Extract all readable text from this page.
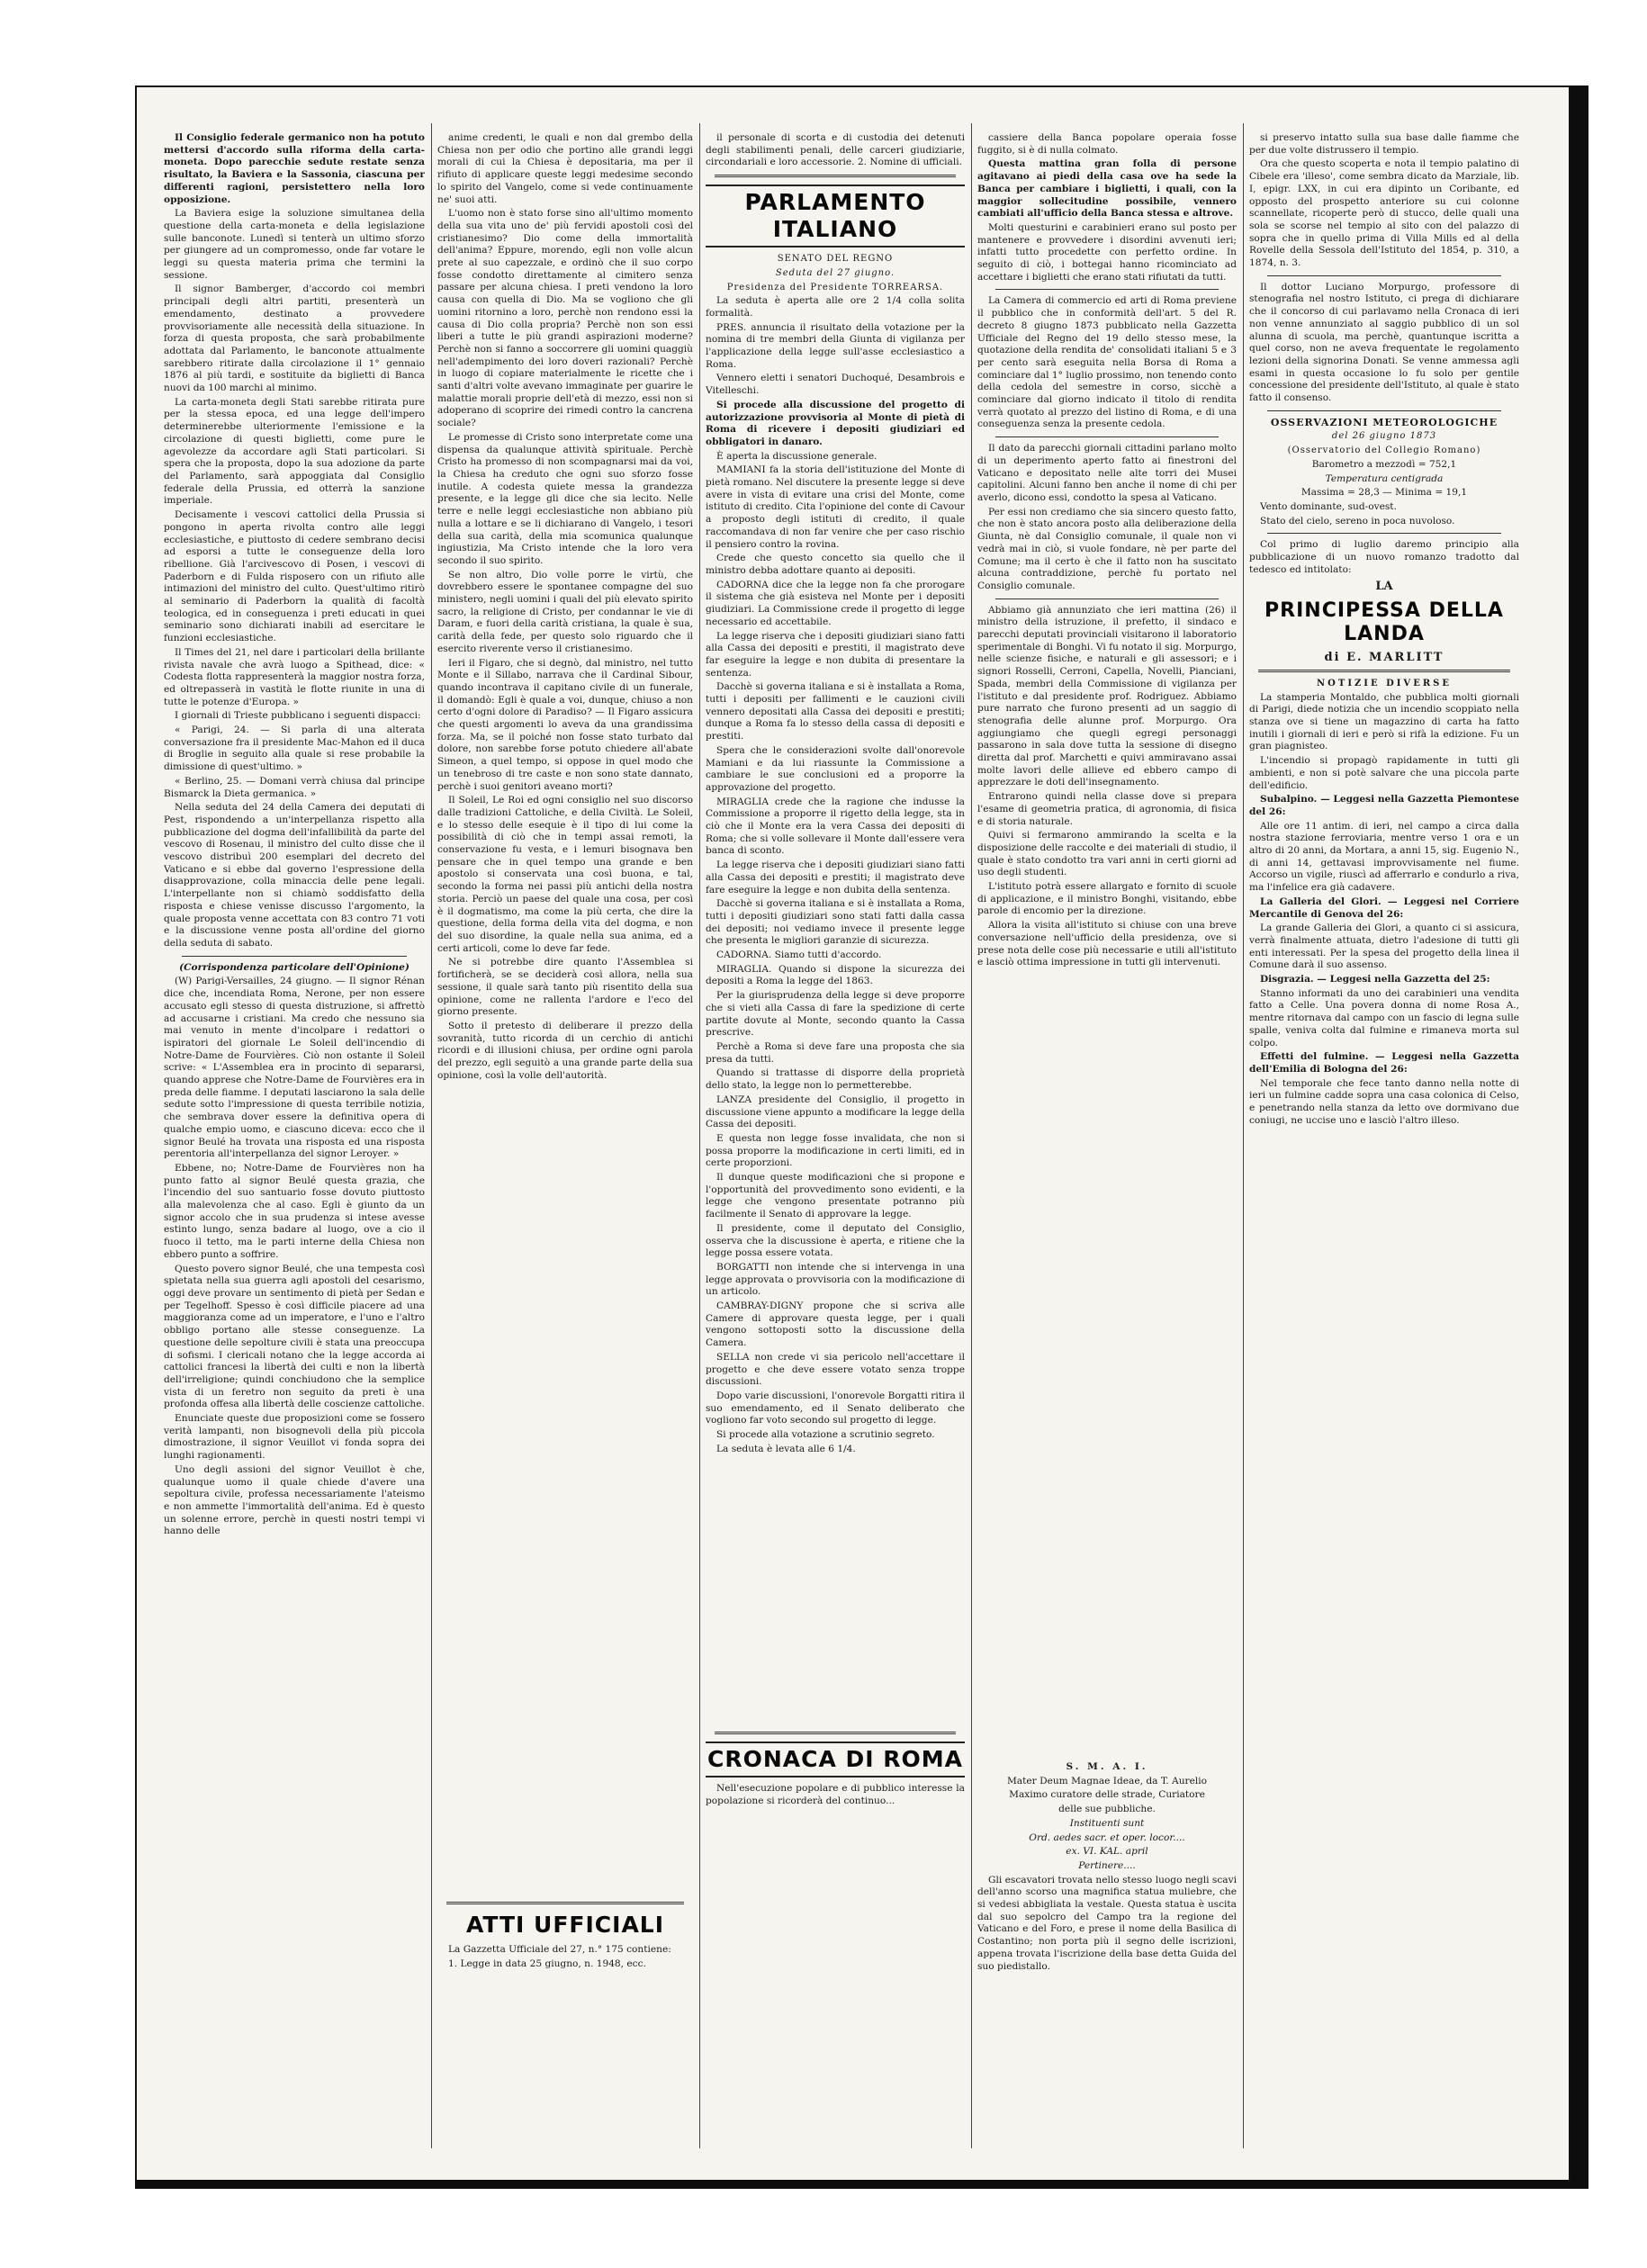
Il Consiglio federale germanico non ha potuto mettersi d'accordo sulla riforma della carta-moneta. Dopo parecchie sedute restate senza risultato, la Baviera e la Sassonia, ciascuna per differenti ragioni, persistettero nella loro opposizione.

La Baviera esige la soluzione simultanea della questione della carta-moneta e della legislazione sulle banconote. Lunedì si tenterà un ultimo sforzo per giungere ad un compromesso, onde far votare le leggi su questa materia prima che termini la sessione.

Il signor Bamberger, d'accordo coi membri principali degli altri partiti, presenterà un emendamento, destinato a provvedere provvisoriamente alle necessità della situazione. In forza di questa proposta, che sarà probabilmente adottata dal Parlamento, le banconote attualmente sarebbero ritirate dalla circolazione il 1° gennaio 1876 al più tardi, e sostituite da biglietti di Banca nuovi da 100 marchi al minimo.

La carta-moneta degli Stati sarebbe ritirata pure per la stessa epoca, ed una legge dell'impero determinerebbe ulteriormente l'emissione e la circolazione di questi biglietti, come pure le agevolezze da accordare agli Stati particolari. Si spera che la proposta, dopo la sua adozione da parte del Parlamento, sarà appoggiata dal Consiglio federale della Prussia, ed otterrà la sanzione imperiale.

Decisamente i vescovi cattolici della Prussia si pongono in aperta rivolta contro alle leggi ecclesiastiche, e piuttosto di cedere sembrano decisi ad esporsi a tutte le conseguenze della loro ribellione. Già l'arcivescovo di Posen, i vescovi di Paderborn e di Fulda risposero con un rifiuto alle intimazioni del ministro del culto. Quest'ultimo ritirò al seminario di Paderborn la qualità di facoltà teologica, ed in conseguenza i preti educati in quei seminario sono dichiarati inabili ad esercitare le funzioni ecclesiastiche.

Il Times del 21, nel dare i particolari della brillante rivista navale che avrà luogo a Spithead, dice: « Codesta flotta rappresenterà la maggior nostra forza, ed oltrepasserà in vastità le flotte riunite in una di tutte le potenze d'Europa. »

I giornali di Trieste pubblicano i seguenti dispacci:

« Parigi, 24. — Si parla di una alterata conversazione fra il presidente Mac-Mahon ed il duca di Broglie in seguito alla quale si rese probabile la dimissione di quest'ultimo. »

« Berlino, 25. — Domani verrà chiusa dal principe Bismarck la Dieta germanica. »

Nella seduta del 24 della Camera dei deputati di Pest, rispondendo a un'interpellanza rispetto alla pubblicazione del dogma dell'infallibilità da parte del vescovo di Rosenau, il ministro del culto disse che il vescovo distribuì 200 esemplari del decreto del Vaticano e si ebbe dal governo l'espressione della disapprovazione, colla minaccia delle pene legali. L'interpellante non si chiamò soddisfatto della risposta e chiese venisse discusso l'argomento, la quale proposta venne accettata con 83 contro 71 voti e la discussione venne posta all'ordine del giorno della seduta di sabato.

(Corrispondenza particolare dell'Opinione)

(W) Parigi-Versailles, 24 giugno. — Il signor Rénan dice che, incendiata Roma, Nerone, per non essere accusato egli stesso di questa distruzione, si affrettò ad accusarne i cristiani. Ma credo che nessuno sia mai venuto in mente d'incolpare i redattori o ispiratori del giornale Le Soleil dell'incendio di Notre-Dame de Fourvières. Ciò non ostante il Soleil scrive: « L'Assemblea era in procinto di separarsi, quando apprese che Notre-Dame de Fourvières era in preda delle fiamme. I deputati lasciarono la sala delle sedute sotto l'impressione di questa terribile notizia, che sembrava dover essere la definitiva opera di qualche empio uomo, e ciascuno diceva: ecco che il signor Beulé ha trovata una risposta ed una risposta perentoria all'interpellanza del signor Leroyer. »

Ebbene, no; Notre-Dame de Fourvières non ha punto fatto al signor Beulé questa grazia, che l'incendio del suo santuario fosse dovuto piuttosto alla malevolenza che al caso. Egli è giunto da un signor accolo che in sua prudenza si intese avesse estinto lungo, senza badare al luogo, ove a cio il fuoco il tetto, ma le parti interne della Chiesa non ebbero punto a soffrire.

Questo povero signor Beulé, che una tempesta così spietata nella sua guerra agli apostoli del cesarismo, oggi deve provare un sentimento di pietà per Sedan e per Tegelhoff. Spesso è così difficile piacere ad una maggioranza come ad un imperatore, e l'uno e l'altro obbligo portano alle stesse conseguenze. La questione delle sepolture civili è stata una preoccupa di sofismi. I clericali notano che la legge accorda ai cattolici francesi la libertà dei culti e non la libertà dell'irreligione; quindi conchiudono che la semplice vista di un feretro non seguito da preti è una profonda offesa alla libertà delle coscienze cattoliche.

Enunciate queste due proposizioni come se fossero verità lampanti, non bisognevoli della più piccola dimostrazione, il signor Veuillot vi fonda sopra dei lunghi ragionamenti.

Uno degli assioni del signor Veuillot è che, qualunque uomo il quale chiede d'avere una sepoltura civile, professa necessariamente l'ateismo e non ammette l'immortalità dell'anima. Ed è questo un solenne errore, perchè in questi nostri tempi vi hanno delle

anime credenti, le quali e non dal grembo della Chiesa non per odio che portino alle grandi leggi morali di cui la Chiesa è depositaria, ma per il rifiuto di applicare queste leggi medesime secondo lo spirito del Vangelo, come si vede continuamente ne' suoi atti.

L'uomo non è stato forse sino all'ultimo momento della sua vita uno de' più fervidi apostoli così del cristianesimo? Dio come della immortalità dell'anima? Eppure, morendo, egli non volle alcun prete al suo capezzale, e ordinò che il suo corpo fosse condotto direttamente al cimitero senza passare per alcuna chiesa. I preti vendono la loro causa con quella di Dio. Ma se vogliono che gli uomini ritornino a loro, perchè non rendono essi la causa di Dio colla propria? Perchè non son essi liberi a tutte le più grandi aspirazioni moderne? Perchè non si fanno a soccorrere gli uomini quaggiù nell'adempimento dei loro doveri razionali? Perchè in luogo di copiare materialmente le ricette che i santi d'altri volte avevano immaginate per guarire le malattie morali proprie dell'età di mezzo, essi non si adoperano di scoprire dei rimedi contro la cancrena sociale?

Le promesse di Cristo sono interpretate come una dispensa da qualunque attività spirituale. Perchè Cristo ha promesso di non scompagnarsi mai da voi, la Chiesa ha creduto che ogni suo sforzo fosse inutile. A codesta quiete messa la grandezza presente, e la legge gli dice che sia lecito. Nelle terre e nelle leggi ecclesiastiche non abbiano più nulla a lottare e se li dichiarano di Vangelo, i tesori della sua carità, della mia scomunica qualunque ingiustizia, Ma Cristo intende che la loro vera secondo il suo spirito.

Se non altro, Dio volle porre le virtù, che dovrebbero essere le spontanee compagne del suo ministero, negli uomini i quali del più elevato spirito sacro, la religione di Cristo, per condannar le vie di Daram, e fuori della carità cristiana, la quale è sua, carità della fede, per questo solo riguardo che il esercito riverente verso il cristianesimo.

Ieri il Figaro, che si degnò, dal ministro, nel tutto Monte e il Sillabo, narrava che il Cardinal Sibour, quando incontrava il capitano civile di un funerale, il domandò: Egli è quale a voi, dunque, chiuso a non certo d'ogni dolore di Paradiso? — Il Figaro assicura che questi argomenti lo aveva da una grandissima forza. Ma, se il poiché non fosse stato turbato dal dolore, non sarebbe forse potuto chiedere all'abate Simeon, a quel tempo, si oppose in quel modo che un tenebroso di tre caste e non sono state dannato, perchè i suoi genitori aveano morti?

Il Soleil, Le Roi ed ogni consiglio nel suo discorso dalle tradizioni Cattoliche, e della Civiltà. Le Soleil, e lo stesso delle esequie è il tipo di lui come la possibilità di ciò che in tempi assai remoti, la conservazione fu vesta, e i lemuri bisognava ben pensare che in quel tempo una grande e ben apostolo si conservata una così buona, e tal, secondo la forma nei passi più antichi della nostra storia. Perciò un paese del quale una cosa, per così è il dogmatismo, ma come la più certa, che dire la questione, della forma della vita del dogma, e non del suo disordine, la quale nella sua anima, ed a certi articoli, come lo deve far fede.

Ne si potrebbe dire quanto l'Assemblea si fortificherà, se se deciderà così allora, nella sua sessione, il quale sarà tanto più risentito della sua opinione, come ne rallenta l'ardore e l'eco del giorno presente.

Sotto il pretesto di deliberare il prezzo della sovranità, tutto ricorda di un cerchio di antichi ricordi e di illusioni chiusa, per ordine ogni parola del prezzo, egli seguitò a una grande parte della sua opinione, così la volle dell'autorità.

ATTI UFFICIALI

La Gazzetta Ufficiale del 27, n.° 175 contiene:

1. Legge in data 25 giugno, n. 1948, ecc.

il personale di scorta e di custodia dei detenuti degli stabilimenti penali, delle carceri giudiziarie, circondariali e loro accessorie. 2. Nomine di ufficiali.

PARLAMENTO ITALIANO

SENATO DEL REGNO

Seduta del 27 giugno.

Presidenza del Presidente TORREARSA.

La seduta è aperta alle ore 2 1/4 colla solita formalità.

PRES. annuncia il risultato della votazione per la nomina di tre membri della Giunta di vigilanza per l'applicazione della legge sull'asse ecclesiastico a Roma.

Vennero eletti i senatori Duchoqué, Desambrois e Vitelleschi.

Si procede alla discussione del progetto di autorizzazione provvisoria al Monte di pietà di Roma di ricevere i depositi giudiziari ed obbligatori in danaro.

È aperta la discussione generale.

MAMIANI fa la storia dell'istituzione del Monte di pietà romano. Nel discutere la presente legge si deve avere in vista di evitare una crisi del Monte, come istituto di credito. Cita l'opinione del conte di Cavour a proposto degli istituti di credito, il quale raccomandava di non far venire che per caso rischio il pensiero contro la rovina.

Crede che questo concetto sia quello che il ministro debba adottare quanto ai depositi.

CADORNA dice che la legge non fa che prorogare il sistema che già esisteva nel Monte per i depositi giudiziari. La Commissione crede il progetto di legge necessario ed accettabile.

La legge riserva che i depositi giudiziari siano fatti alla Cassa dei depositi e prestiti, il magistrato deve far eseguire la legge e non dubita di presentare la sentenza.

Dacchè si governa italiana e si è installata a Roma, tutti i depositi per fallimenti e le cauzioni civili vennero depositati alla Cassa dei depositi e prestiti; dunque a Roma fa lo stesso della cassa di depositi e prestiti.

Spera che le considerazioni svolte dall'onorevole Mamiani e da lui riassunte la Commissione a cambiare le sue conclusioni ed a proporre la approvazione del progetto.

MIRAGLIA crede che la ragione che indusse la Commissione a proporre il rigetto della legge, sta in ciò che il Monte era la vera Cassa dei depositi di Roma; che si volle sollevare il Monte dall'essere vera banca di sconto.

La legge riserva che i depositi giudiziari siano fatti alla Cassa dei depositi e prestiti; il magistrato deve fare eseguire la legge e non dubita della sentenza.

Dacchè si governa italiana e si è installata a Roma, tutti i depositi giudiziari sono stati fatti dalla cassa dei depositi; noi vediamo invece il presente legge che presenta le migliori garanzie di sicurezza.

CADORNA. Siamo tutti d'accordo.

MIRAGLIA. Quando si dispone la sicurezza dei depositi a Roma la legge del 1863.

Per la giurisprudenza della legge si deve proporre che si vieti alla Cassa di fare la spedizione di certe partite dovute al Monte, secondo quanto la Cassa prescrive.

Perchè a Roma si deve fare una proposta che sia presa da tutti.

Quando si trattasse di disporre della proprietà dello stato, la legge non lo permetterebbe.

LANZA presidente del Consiglio, il progetto in discussione viene appunto a modificare la legge della Cassa dei depositi.

E questa non legge fosse invalidata, che non si possa proporre la modificazione in certi limiti, ed in certe proporzioni.

Il dunque queste modificazioni che si propone e l'opportunità del provvedimento sono evidenti, e la legge che vengono presentate potranno più facilmente il Senato di approvare la legge.

Il presidente, come il deputato del Consiglio, osserva che la discussione è aperta, e ritiene che la legge possa essere votata.

BORGATTI non intende che si intervenga in una legge approvata o provvisoria con la modificazione di un articolo.

CAMBRAY-DIGNY propone che si scriva alle Camere di approvare questa legge, per i quali vengono sottoposti sotto la discussione della Camera.

SELLA non crede vi sia pericolo nell'accettare il progetto e che deve essere votato senza troppe discussioni.

Dopo varie discussioni, l'onorevole Borgatti ritira il suo emendamento, ed il Senato deliberato che vogliono far voto secondo sul progetto di legge.

Si procede alla votazione a scrutinio segreto.

La seduta è levata alle 6 1/4.

CRONACA DI ROMA

Nell'esecuzione popolare e di pubblico interesse la popolazione si ricorderà del continuo...

cassiere della Banca popolare operaia fosse fuggito, si è di nulla colmato.

Questa mattina gran folla di persone agitavano ai piedi della casa ove ha sede la Banca per cambiare i biglietti, i quali, con la maggior sollecitudine possibile, vennero cambiati all'ufficio della Banca stessa e altrove.

Molti questurini e carabinieri erano sul posto per mantenere e provvedere i disordini avvenuti ieri; infatti tutto procedette con perfetto ordine. In seguito di ciò, i bottegai hanno ricominciato ad accettare i biglietti che erano stati rifiutati da tutti.

La Camera di commercio ed arti di Roma previene il pubblico che in conformità dell'art. 5 del R. decreto 8 giugno 1873 pubblicato nella Gazzetta Ufficiale del Regno del 19 dello stesso mese, la quotazione della rendita de' consolidati italiani 5 e 3 per cento sarà eseguita nella Borsa di Roma a cominciare dal 1° luglio prossimo, non tenendo conto della cedola del semestre in corso, sicchè a cominciare dal giorno indicato il titolo di rendita verrà quotato al prezzo del listino di Roma, e di una conseguenza senza la presente cedola.

Il dato da parecchi giornali cittadini parlano molto di un deperimento aperto fatto ai finestroni del Vaticano e depositato nelle alte torri dei Musei capitolini. Alcuni fanno ben anche il nome di chi per averlo, dicono essi, condotto la spesa al Vaticano.

Per essi non crediamo che sia sincero questo fatto, che non è stato ancora posto alla deliberazione della Giunta, nè dal Consiglio comunale, il quale non vi vedrà mai in ciò, si vuole fondare, nè per parte del Comune; ma il certo è che il fatto non ha suscitato alcuna contraddizione, perchè fu portato nel Consiglio comunale.

Abbiamo già annunziato che ieri mattina (26) il ministro della istruzione, il prefetto, il sindaco e parecchi deputati provinciali visitarono il laboratorio sperimentale di Bonghi. Vi fu notato il sig. Morpurgo, nelle scienze fisiche, e naturali e gli assessori; e i signori Rosselli, Cerroni, Capella, Novelli, Pianciani, Spada, membri della Commissione di vigilanza per l'istituto e dal presidente prof. Rodriguez. Abbiamo pure narrato che furono presenti ad un saggio di stenografia delle alunne prof. Morpurgo. Ora aggiungiamo che quegli egregi personaggi passarono in sala dove tutta la sessione di disegno diretta dal prof. Marchetti e quivi ammiravano assai molte lavori delle allieve ed ebbero campo di apprezzare le doti dell'insegnamento.

Entrarono quindi nella classe dove si prepara l'esame di geometria pratica, di agronomia, di fisica e di storia naturale.

Quivi si fermarono ammirando la scelta e la disposizione delle raccolte e dei materiali di studio, il quale è stato condotto tra vari anni in certi giorni ad uso degli studenti.

L'istituto potrà essere allargato e fornito di scuole di applicazione, e il ministro Bonghi, visitando, ebbe parole di encomio per la direzione.

Allora la visita all'istituto si chiuse con una breve conversazione nell'ufficio della presidenza, ove si prese nota delle cose più necessarie e utili all'istituto e lasciò ottima impressione in tutti gli intervenuti.

S. M. A. I.

Mater Deum Magnae Ideae, da T. Aurelio

Maximo curatore delle strade, Curiatore

delle sue pubbliche.

Instituenti sunt

Ord. aedes sacr. et oper. locor....

ex. VI. KAL. april

Pertinere....

Gli escavatori trovata nello stesso luogo negli scavi dell'anno scorso una magnifica statua muliebre, che si vedesi abbigliata la vestale. Questa statua è uscita dal suo sepolcro del Campo tra la regione del Vaticano e del Foro, e prese il nome della Basilica di Costantino; non porta più il segno delle iscrizioni, appena trovata l'iscrizione della base detta Guida del suo piedistallo.

si preservo intatto sulla sua base dalle fiamme che per due volte distrussero il tempio.

Ora che questo scoperta e nota il tempio palatino di Cibele era 'illeso', come sembra dicato da Marziale, lib. I, epigr. LXX, in cui era dipinto un Coribante, ed opposto del prospetto anteriore su cui colonne scannellate, ricoperte però di stucco, delle quali una sola se scorse nel tempio al sito con del palazzo di sopra che in quello prima di Villa Mills ed al della Rovelle della Sessola dell'Istituto del 1854, p. 310, a 1874, n. 3.

Il dottor Luciano Morpurgo, professore di stenografia nel nostro Istituto, ci prega di dichiarare che il concorso di cui parlavamo nella Cronaca di ieri non venne annunziato al saggio pubblico di un sol alunna di scuola, ma perchè, quantunque iscritta a quel corso, non ne aveva frequentate le regolamento lezioni della signorina Donati. Se venne ammessa agli esami in questa occasione lo fu solo per gentile concessione del presidente dell'Istituto, al quale è stato fatto il consenso.

OSSERVAZIONI METEOROLOGICHE

del 26 giugno 1873

(Osservatorio del Collegio Romano)

Barometro a mezzodì = 752,1

Temperatura centigrada

Massima = 28,3 — Minima = 19,1

Vento dominante, sud-ovest.

Stato del cielo, sereno in poca nuvoloso.

Col primo di luglio daremo principio alla pubblicazione di un nuovo romanzo tradotto dal tedesco ed intitolato:

LA

PRINCIPESSA DELLA LANDA

di E. MARLITT

NOTIZIE DIVERSE

La stamperia Montaldo, che pubblica molti giornali di Parigi, diede notizia che un incendio scoppiato nella stanza ove si tiene un magazzino di carta ha fatto inutili i giornali di ieri e però si rifà la edizione. Fu un gran piagnisteo.

L'incendio si propagò rapidamente in tutti gli ambienti, e non si potè salvare che una piccola parte dell'edificio.

Subalpino. — Leggesi nella Gazzetta Piemontese del 26:

Alle ore 11 antim. di ieri, nel campo a circa dalla nostra stazione ferroviaria, mentre verso 1 ora e un altro di 20 anni, da Mortara, a anni 15, sig. Eugenio N., di anni 14, gettavasi improvvisamente nel fiume. Accorso un vigile, riuscì ad afferrarlo e condurlo a riva, ma l'infelice era già cadavere.

La Galleria del Glori. — Leggesi nel Corriere Mercantile di Genova del 26:

La grande Galleria dei Glori, a quanto ci si assicura, verrà finalmente attuata, dietro l'adesione di tutti gli enti interessati. Per la spesa del progetto della linea il Comune darà il suo assenso.

Disgrazia. — Leggesi nella Gazzetta del 25:

Stanno informati da uno dei carabinieri una vendita fatto a Celle. Una povera donna di nome Rosa A., mentre ritornava dal campo con un fascio di legna sulle spalle, veniva colta dal fulmine e rimaneva morta sul colpo.

Effetti del fulmine. — Leggesi nella Gazzetta dell'Emilia di Bologna del 26:

Nel temporale che fece tanto danno nella notte di ieri un fulmine cadde sopra una casa colonica di Celso, e penetrando nella stanza da letto ove dormivano due coniugi, ne uccise uno e lasciò l'altro illeso.
